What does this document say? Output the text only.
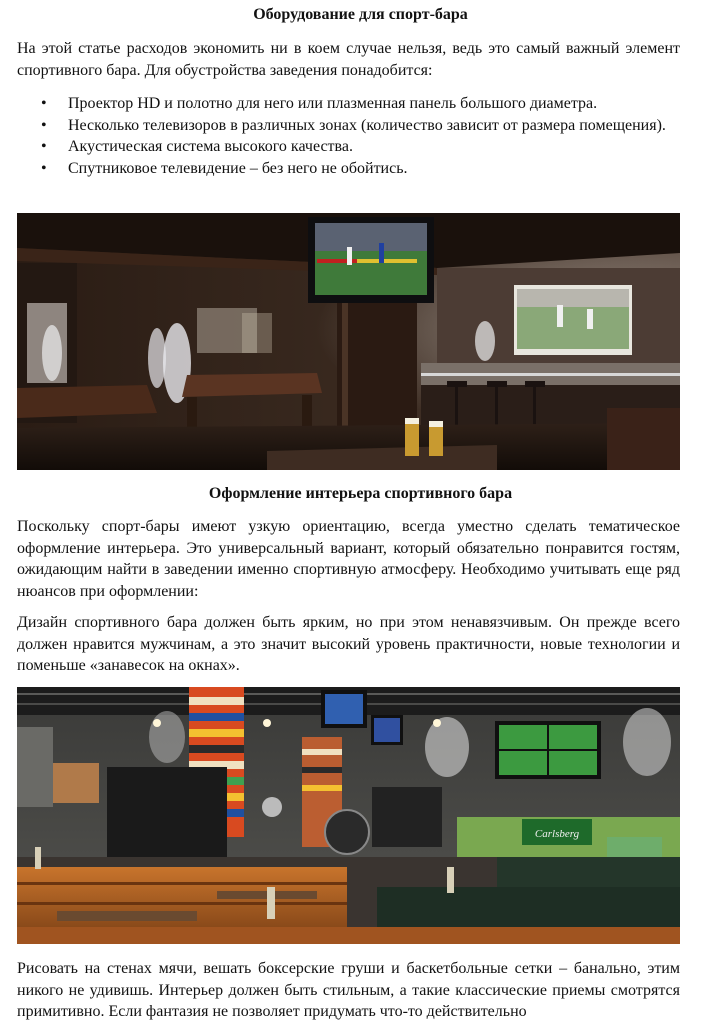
Оборудование для спорт-бара

На этой статье расходов экономить ни в коем случае нельзя, ведь это самый важный элемент спортивного бара. Для обустройства заведения понадобится:

• Проектор HD и полотно для него или плазменная панель большого диаметра.
• Несколько телевизоров в различных зонах (количество зависит от размера помещения).
• Акустическая система высокого качества.
• Спутниковое телевидение – без него не обойтись.
Оформление интерьера спортивного бара

Поскольку спорт-бары имеют узкую ориентацию, всегда уместно сделать тематическое оформление интерьера. Это универсальный вариант, который обязательно понравится гостям, ожидающим найти в заведении именно спортивную атмосферу. Необходимо учитывать еще ряд нюансов при оформлении:

Дизайн спортивного бара должен быть ярким, но при этом ненавязчивым. Он прежде всего должен нравится мужчинам, а это значит высокий уровень практичности, новые технологии и поменьше «занавесок на окнах».

Carlsberg

Рисовать на стенах мячи, вешать боксерские груши и баскетбольные сетки – банально, этим никого не удивишь. Интерьер должен быть стильным, а такие классические приемы смотрятся примитивно. Если фантазия не позволяет придумать что-то действительно
